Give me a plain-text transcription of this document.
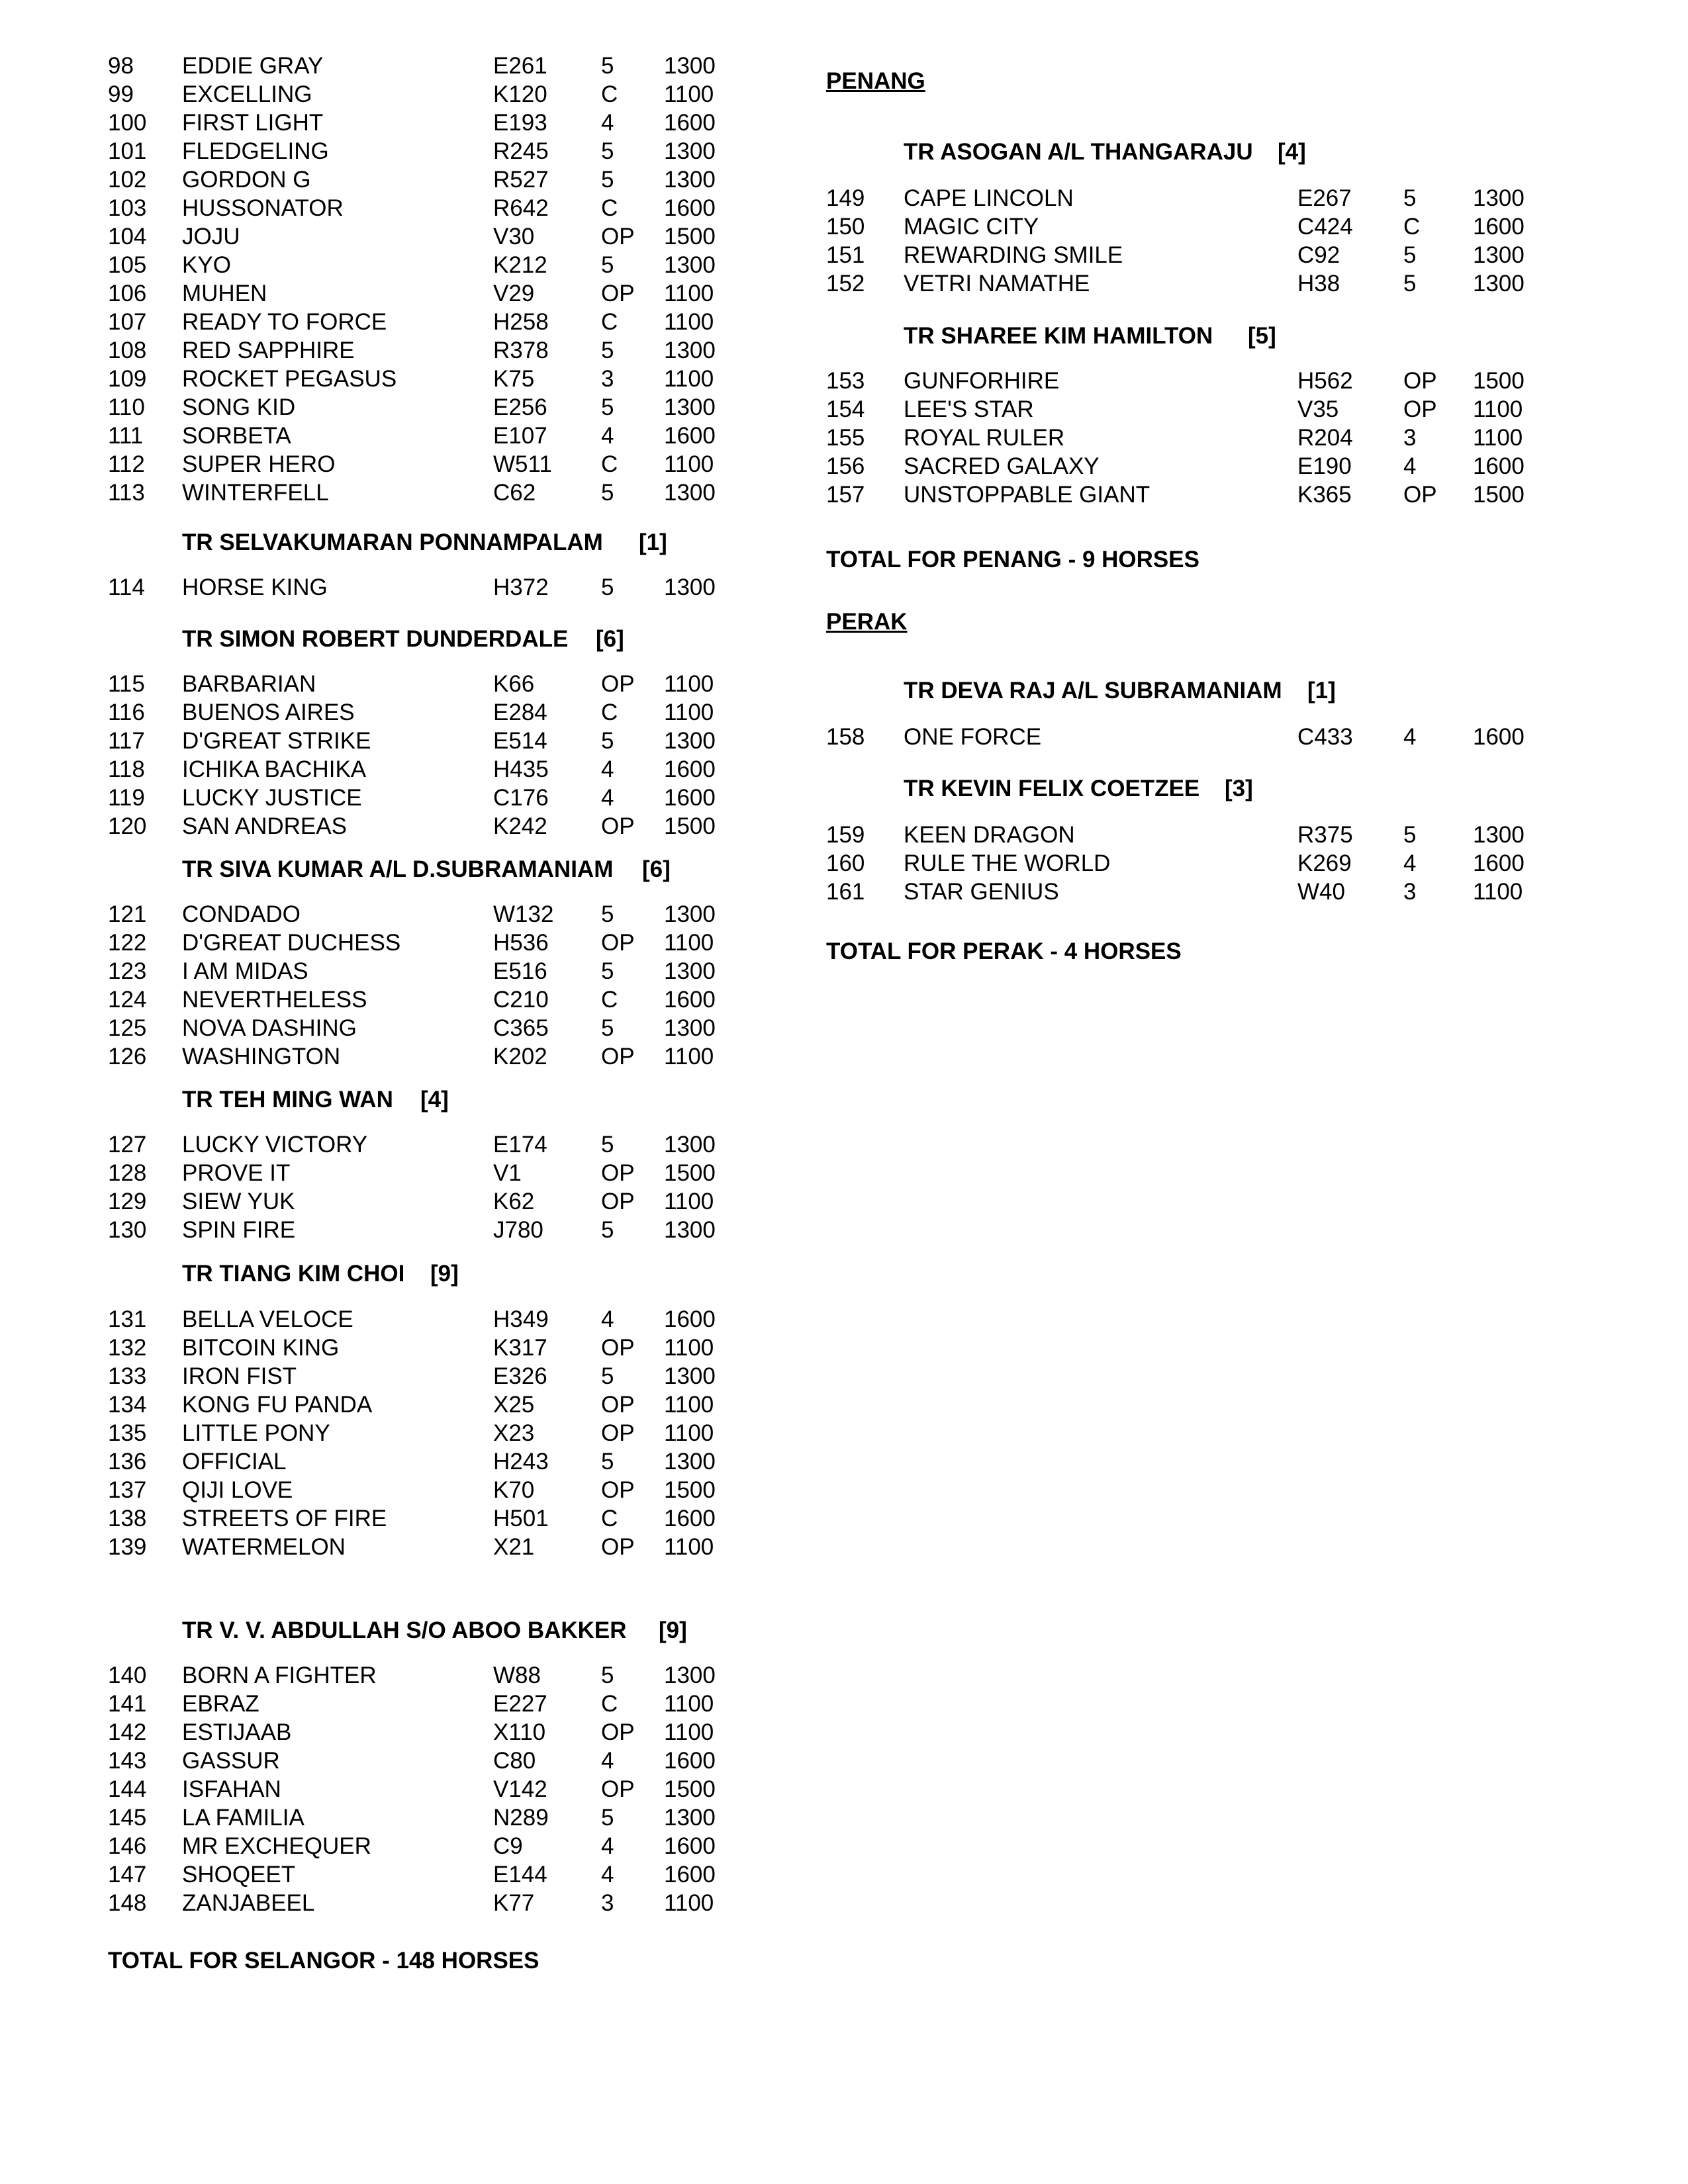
98 EDDIE GRAY	E261 5 1300
99 EXCELLING	K120 C 1100
100 FIRST LIGHT	E193 4 1600
101 FLEDGELING	R245 5 1300
102 GORDON G	R527 5 1300
103 HUSSONATOR	R642 C 1600
104 JOJU	V30	OP 1500
105 KYO	K212 5 1300
106 MUHEN	V29	OP 1100
107 READY TO FORCE	H258 C 1100
108 RED SAPPHIRE	R378 5 1300
109 ROCKET PEGASUS	K75	3 1100
110 SONG KID	E256 5 1300
111 SORBETA	E107 4 1600
112 SUPER HERO	W511 C 1100
113 WINTERFELL	C62	5 1300
TR SELVAKUMARAN PONNAMPALAM [1]
114 HORSE KING	H372 5 1300
TR SIMON ROBERT DUNDERDALE [6]
115 BARBARIAN	K66	OP 1100
116 BUENOS AIRES	E284 C 1100
117 D'GREAT STRIKE	E514 5 1300
118 ICHIKA BACHIKA	H435 4 1600
119 LUCKY JUSTICE	C176 4 1600
120 SAN ANDREAS	K242 OP 1500
TR SIVA KUMAR A/L D.SUBRAMANIAM [6]
121 CONDADO	W132 5 1300
122 D'GREAT DUCHESS	H536 OP 1100
123 I AM MIDAS	E516 5 1300
124 NEVERTHELESS	C210 C 1600
125 NOVA DASHING	C365 5 1300
126 WASHINGTON	K202 OP 1100
TR TEH MING WAN [4]
127 LUCKY VICTORY	E174 5 1300
128 PROVE IT	V1	OP 1500
129 SIEW YUK	K62	OP 1100
130 SPIN FIRE	J780 5 1300
TR TIANG KIM CHOI [9]
131 BELLA VELOCE	H349 4 1600
132 BITCOIN KING	K317 OP 1100
133 IRON FIST	E326 5 1300
134 KONG FU PANDA	X25	OP 1100
135 LITTLE PONY	X23	OP 1100
136 OFFICIAL	H243 5 1300
137 QIJI LOVE	K70	OP 1500
138 STREETS OF FIRE	H501 C 1600
139 WATERMELON	X21	OP 1100
TR V. V. ABDULLAH S/O ABOO BAKKER [9]
140 BORN A FIGHTER	W88	5 1300
141 EBRAZ	E227 C 1100
142 ESTIJAAB	X110 OP 1100
143 GASSUR	C80	4 1600
144 ISFAHAN	V142 OP 1500
145 LA FAMILIA	N289 5 1300
146 MR EXCHEQUER	C9	4 1600
147 SHOQEET	E144 4 1600
148 ZANJABEEL	K77	3 1100
TOTAL FOR SELANGOR - 148 HORSES
PENANG
TR ASOGAN A/L THANGARAJU [4]
149 CAPE LINCOLN	E267 5 1300
150 MAGIC CITY	C424 C 1600
151 REWARDING SMILE	C92	5 1300
152 VETRI NAMATHE	H38	5 1300
TR SHAREE KIM HAMILTON [5]
153 GUNFORHIRE	H562 OP 1500
154 LEE'S STAR	V35	OP 1100
155 ROYAL RULER	R204 3 1100
156 SACRED GALAXY	E190 4 1600
157 UNSTOPPABLE GIANT	K365 OP 1500
TOTAL FOR PENANG - 9 HORSES
PERAK
TR DEVA RAJ A/L SUBRAMANIAM [1]
158 ONE FORCE	C433 4 1600
TR KEVIN FELIX COETZEE [3]
159 KEEN DRAGON	R375 5 1300
160 RULE THE WORLD	K269 4 1600
161 STAR GENIUS	W40	3 1100
TOTAL FOR PERAK - 4 HORSES
